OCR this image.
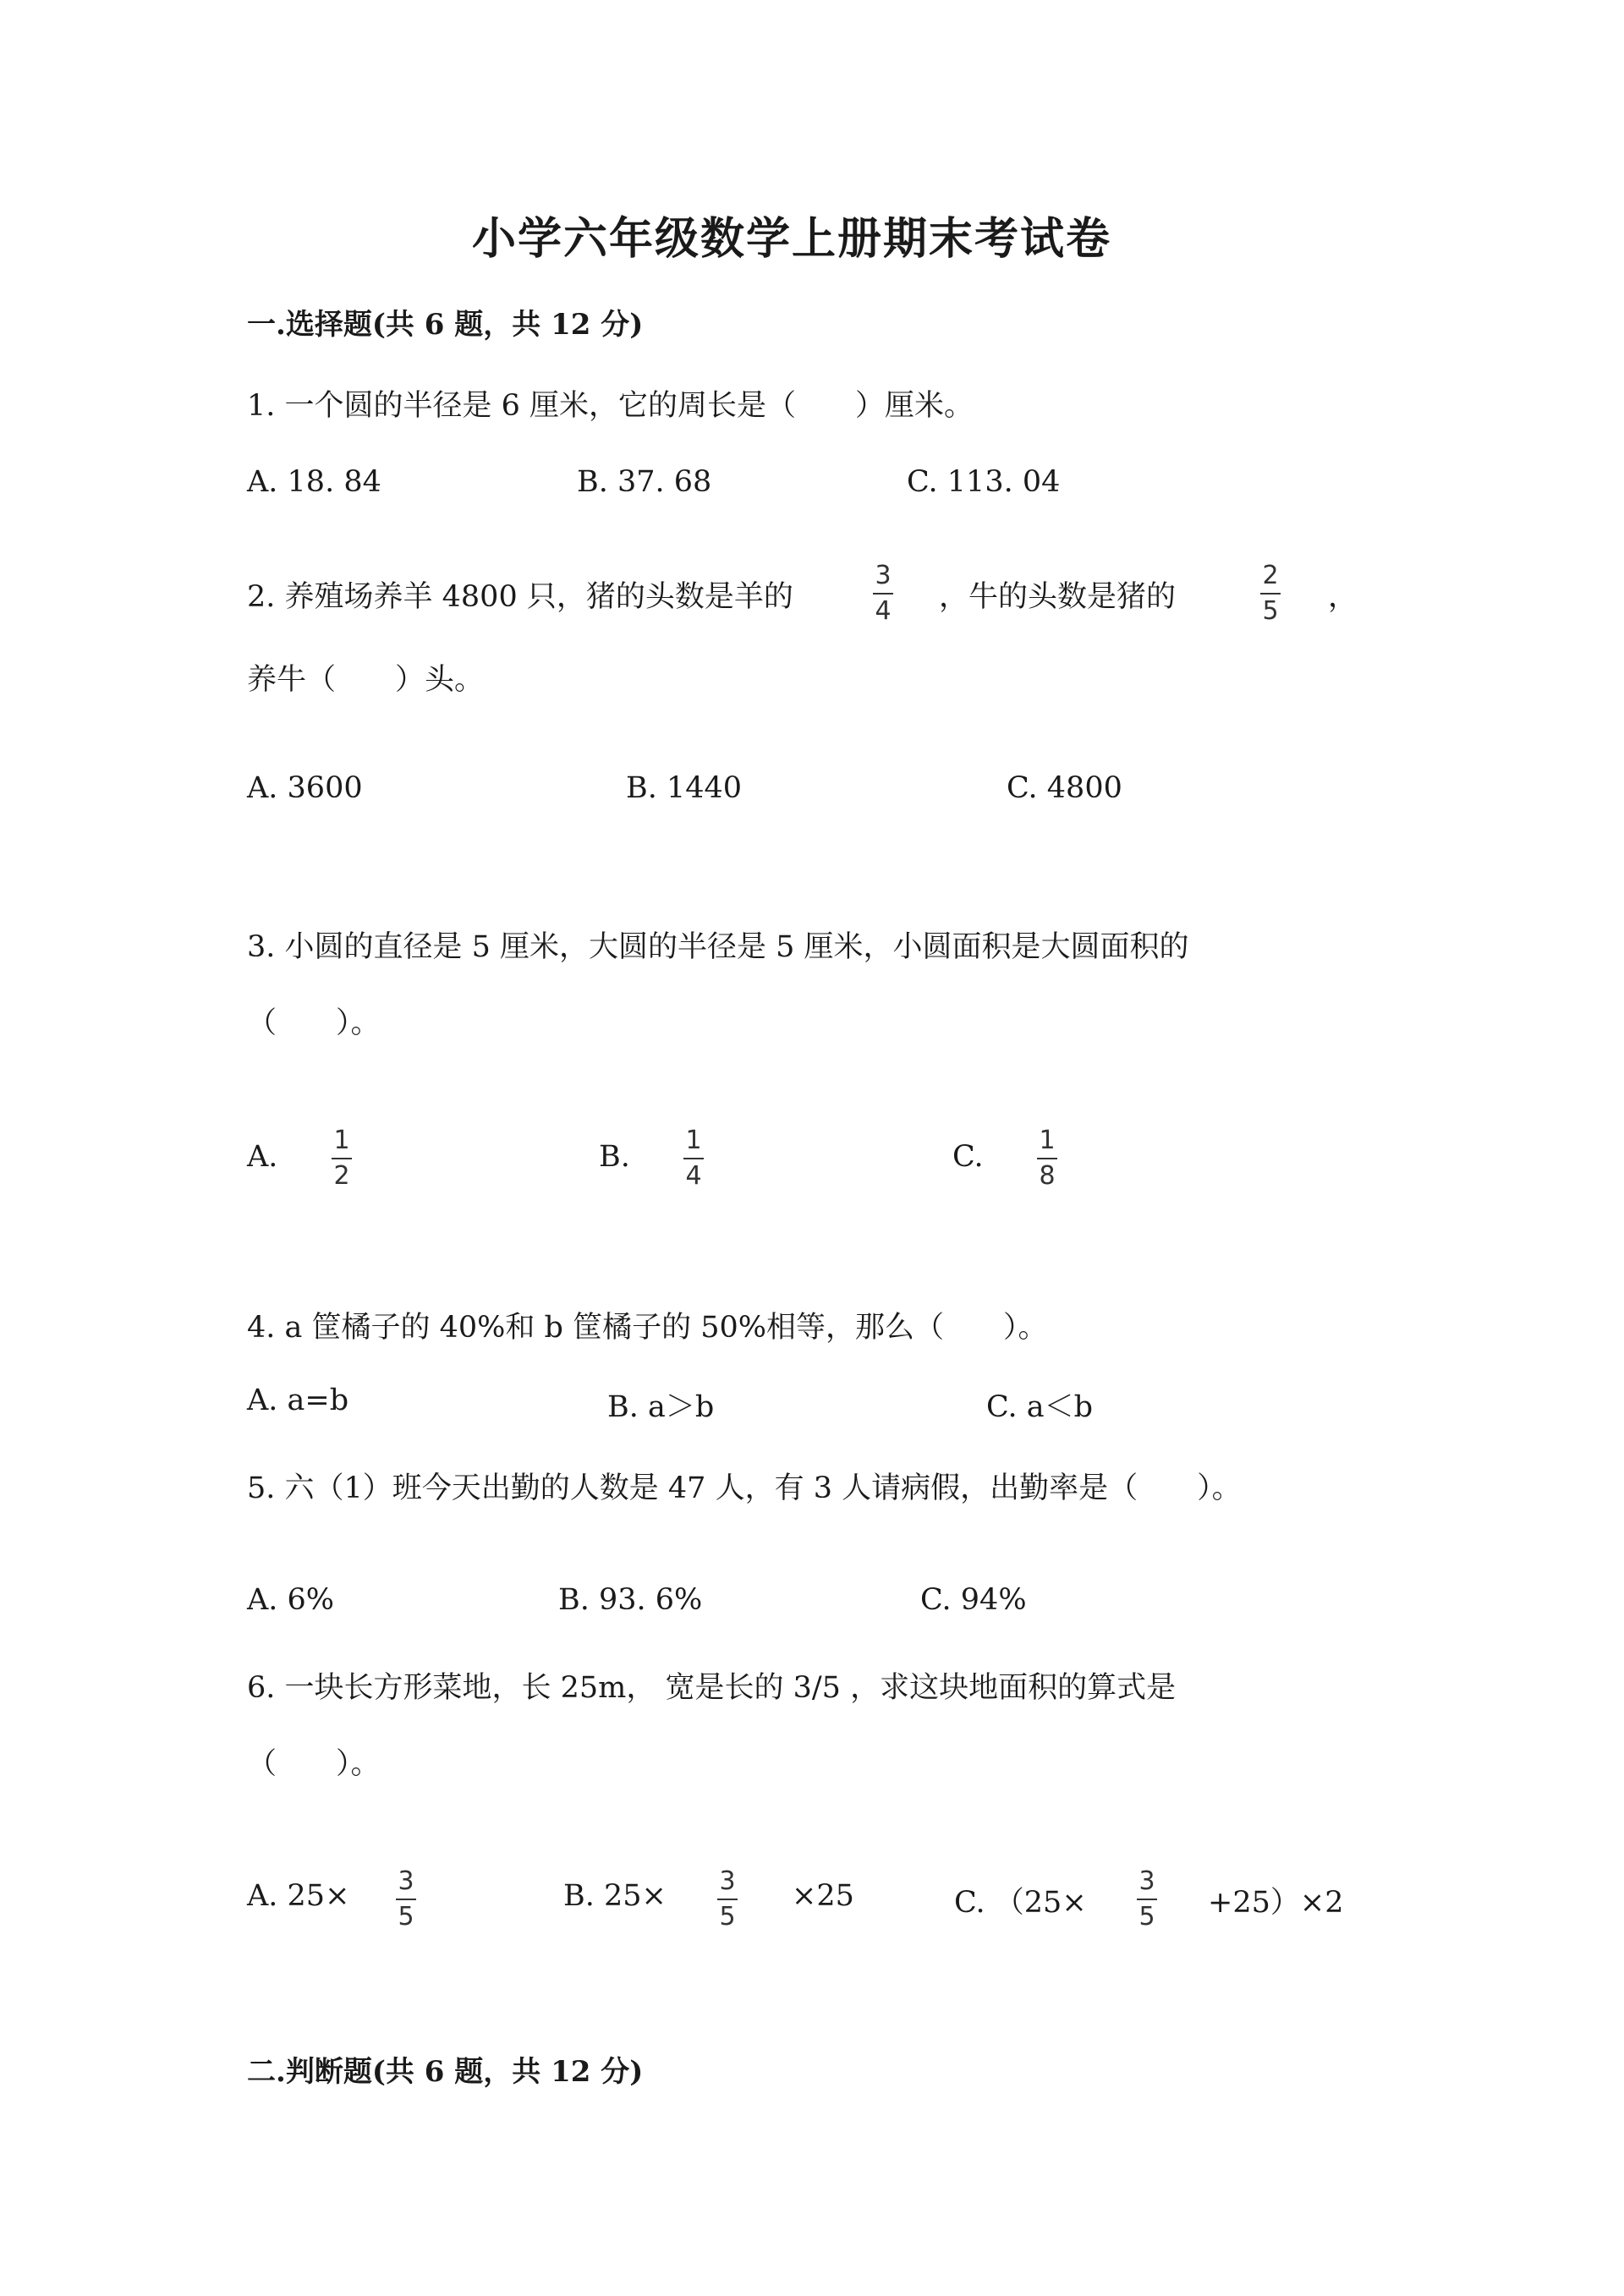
小学六年级数学上册期末考试卷
一.选择题(共 6 题，共 12 分)
1. 一个圆的半径是 6 厘米，它的周长是（　　）厘米。
A. 18. 84	B. 37. 68	C. 113. 04
2. 养殖场养羊 4800 只，猪的头数是羊的
3
4 ，牛的头数是猪的
2
5 ，
养牛（　　）头。
A. 3600	B. 1440	C. 4800
3. 小圆的直径是 5 厘米，大圆的半径是 5 厘米，小圆面积是大圆面积的
（　　）。
A. 1
2
B. 1
4
C. 1
8
4. a 筐橘子的 40%和 b 筐橘子的 50%相等，那么（　　）。
A. a=b	B. a＞b	C. a＜b
5. 六（1）班今天出勤的人数是 47 人，有 3 人请病假，出勤率是（　　）。
A. 6%	B. 93. 6%	C. 94%
6. 一块长方形菜地，长 25m， 宽是长的 3/5 ，求这块地面积的算式是
（　　）。
A. 25× 3
5
B. 25× 3
5
×25	C. （25×
3
5 +25）×2
二.判断题(共 6 题，共 12 分)
